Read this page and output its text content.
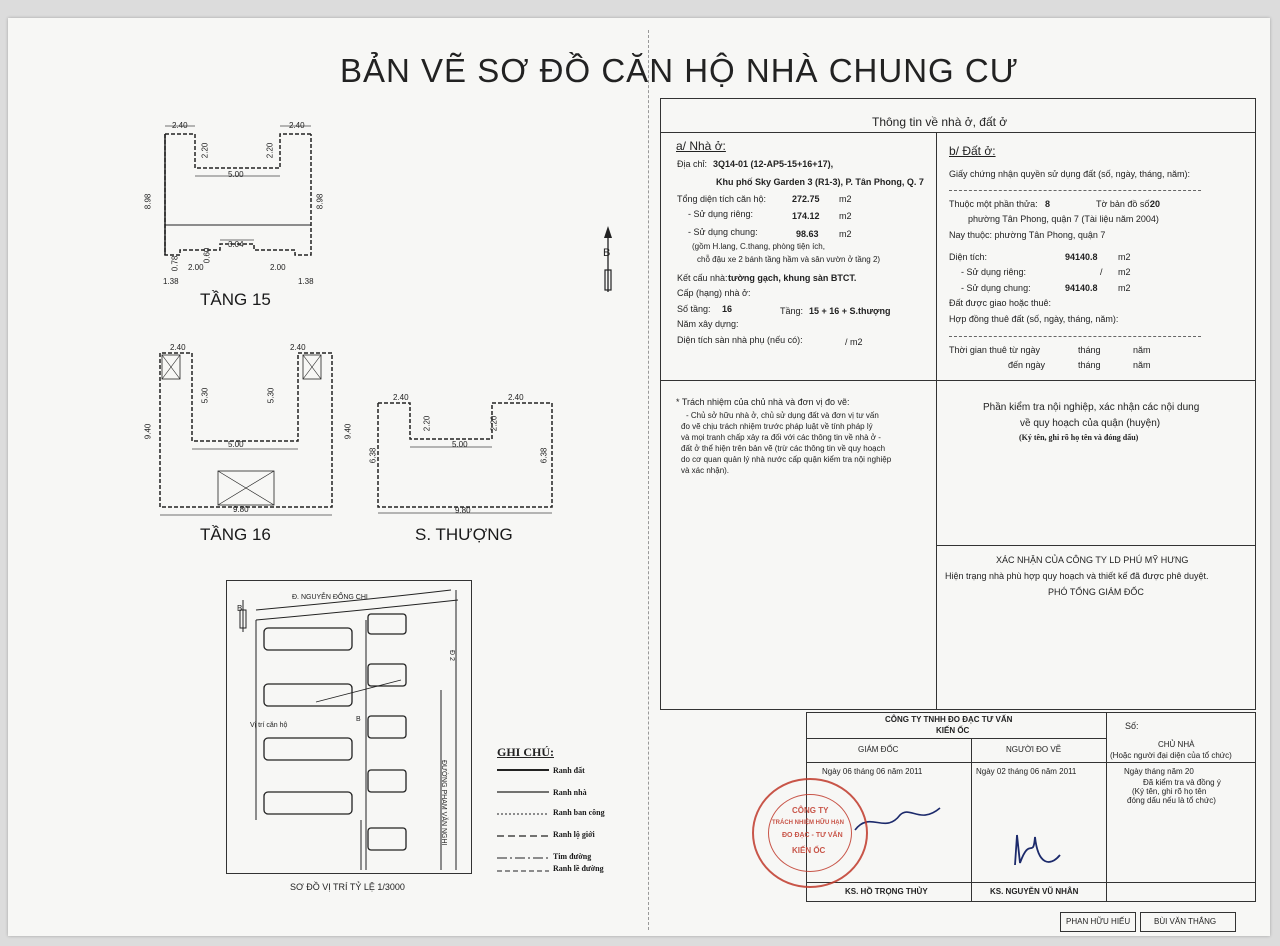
BẢN VẼ SƠ ĐỒ CĂN HỘ NHÀ CHUNG CƯ
2.40	2.40
2.20	2.20
5.00
8.98	8.98
3.04
0.60
0.78 2.00	2.00
1.38	1.38
TẦNG 15
B
2.40	2.40
5.30	5.30
5.00
9.40	9.40
9.80
TẦNG 16
2.40	2.40
2.20	2.20
5.00
6.38	6.38
9.80
S. THƯỢNG
Đ. NGUYỄN ĐỔNG CHI
ĐƯỜNG PHẠM VĂN NGHỊ
Đ 2
Vị trí căn hộ
B
B
SƠ ĐỒ VỊ TRÍ TỶ LỆ 1/3000
GHI CHÚ:
Ranh đất
Ranh nhà
Ranh ban công
Ranh lộ giới
Tim đường
Ranh lề đường
Thông tin về nhà ở, đất ở
a/ Nhà ở:
Địa chỉ: 3Q14-01 (12-AP5-15+16+17),
Khu phố Sky Garden 3 (R1-3), P. Tân Phong, Q. 7
Tổng diện tích căn hộ:	272.75 m2
- Sử dụng riêng:	174.12 m2
- Sử dụng chung:	98.63 m2
(gồm H.lang, C.thang, phòng tiện ích,
chỗ đậu xe 2 bánh tầng hầm và sân vườn ở tầng 2)
Kết cấu nhà: tường gạch, khung sàn BTCT.
Cấp (hạng) nhà ở:
Số tầng: 16	Tầng: 15 + 16 + S.thượng
Năm xây dựng:
Diện tích sàn nhà phụ (nếu có):	/ m2
b/ Đất ở:
Giấy chứng nhận quyền sử dụng đất (số, ngày, tháng, năm):
Thuộc một phần thửa: 8	Tờ bản đồ số:
20
phường Tân Phong, quận 7 (Tài liệu năm 2004)
Nay thuộc: phường Tân Phong, quận 7
Diện tích:	94140.8 m2
- Sử dụng riêng:	/ m2
- Sử dụng chung:	94140.8 m2
Đất được giao hoặc thuê:
Hợp đồng thuê đất (số, ngày, tháng, năm):
Thời gian thuê từ ngày	tháng	năm
đến ngày	tháng	năm
* Trách nhiệm của chủ nhà và đơn vị đo vẽ:
- Chủ sở hữu nhà ở, chủ sử dụng đất và đơn vị tư vấn
đo vẽ chịu trách nhiệm trước pháp luật về tính pháp lý
và mọi tranh chấp xảy ra đối với các thông tin về nhà ở -
đất ở thể hiện trên bản vẽ (trừ các thông tin về quy hoạch
do cơ quan quản lý nhà nước cấp quận kiểm tra nội nghiệp
và xác nhận).
Phần kiểm tra nội nghiệp, xác nhận các nội dung
về quy hoạch của quận (huyện)
(Ký tên, ghi rõ họ tên và đóng dấu)
XÁC NHẬN CỦA CÔNG TY LD PHÚ MỸ HƯNG
Hiện trạng nhà phù hợp quy hoạch và thiết kế đã được phê duyệt.
PHÓ TỔNG GIÁM ĐỐC
CÔNG TY TNHH ĐO ĐẠC TƯ VẤN
KIẾN ỐC	Số:
GIÁM ĐỐC	NGƯỜI ĐO VẼ
CHỦ NHÀ
(Hoặc người đại diện của tổ chức)
Ngày 06 tháng 06 năm 2011	Ngày 02 tháng 06 năm 2011	Ngày tháng năm 20
Đã kiểm tra và đồng ý
(Ký tên, ghi rõ họ tên
đóng dấu nếu là tổ chức)
KS. HỒ TRỌNG THỦY	KS. NGUYỄN VŨ NHÂN
CÔNG TY
TRÁCH NHIỆM HỮU HẠN
ĐO ĐẠC - TƯ VẤN
KIẾN ỐC
PHAN HỮU HIẾU	BÙI VĂN THẮNG
